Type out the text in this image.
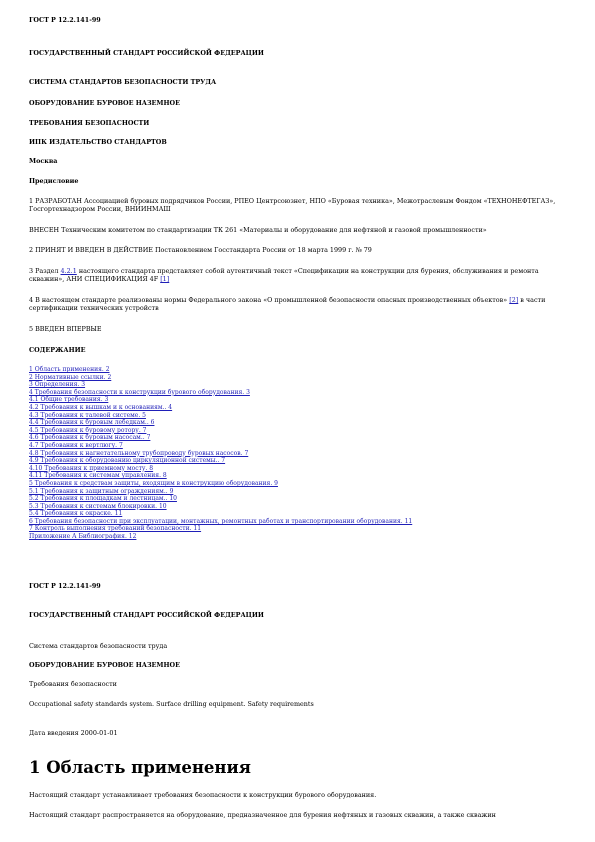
ГОСТ Р 12.2.141-99
ГОСУДАРСТВЕННЫЙ СТАНДАРТ РОССИЙСКОЙ ФЕДЕРАЦИИ
СИСТЕМА СТАНДАРТОВ БЕЗОПАСНОСТИ ТРУДА
ОБОРУДОВАНИЕ БУРОВОЕ НАЗЕМНОЕ
ТРЕБОВАНИЯ БЕЗОПАСНОСТИ
ИПК ИЗДАТЕЛЬСТВО СТАНДАРТОВ
Москва
Предисловие
1 РАЗРАБОТАН Ассоциацией буровых подрядчиков России, РПЕО Центрсоюзнет, НПО «Буровая техника», Межотраслевым Фондом «ТЕХНОНЕФТЕГАЗ», Госгортехнадзором России, ВНИИНМАШ
ВНЕСЕН Техническим комитетом по стандартизации ТК 261 «Материалы и оборудование для нефтяной и газовой промышленности»
2 ПРИНЯТ И ВВЕДЕН В ДЕЙСТВИЕ Постановлением Госстандарта России от 18 марта 1999 г. № 79
3 Раздел 4.2.1 настоящего стандарта представляет собой аутентичный текст «Спецификации на конструкции для бурения, обслуживания и ремонта скважин», АНИ СПЕЦИФИКАЦИЯ 4F [1]
4 В настоящем стандарте реализованы нормы Федерального закона «О промышленной безопасности опасных производственных объектов» [2] в части сертификации технических устройств
5 ВВЕДЕН ВПЕРВЫЕ
СОДЕРЖАНИЕ
1 Область применения. 2
2 Нормативные ссылки. 2
3 Определения. 3
4 Требования безопасности к конструкции бурового оборудования. 3
4.1 Общие требования. 3
4.2 Требования к вышкам и к основаниям.. 4
4.3 Требования к талевой системе. 5
4.4 Требования к буровым лебедкам.. 6
4.5 Требования к буровому ротору. 7
4.6 Требования к буровым насосам.. 7
4.7 Требования к вертлюгу. 7
4.8 Требования к нагнетательному трубопроводу буровых насосов. 7
4.9 Требования к оборудованию циркуляционной системы.. 7
4.10 Требования к приемному мосту. 8
4.11 Требования к системам управления. 8
5 Требования к средствам защиты, входящим в конструкцию оборудования. 9
5.1 Требования к защитным ограждениям.. 9
5.2 Требования к площадкам и лестницам.. 10
5.3 Требования к системам блокировки. 10
5.4 Требования к окраске. 11
6 Требования безопасности при эксплуатации, монтажных, ремонтных работах и транспортировании оборудования. 11
7 Контроль выполнения требований безопасности. 11
Приложение А Библиография. 12
ГОСТ Р 12.2.141-99
ГОСУДАРСТВЕННЫЙ СТАНДАРТ РОССИЙСКОЙ ФЕДЕРАЦИИ
Система стандартов безопасности труда
ОБОРУДОВАНИЕ БУРОВОЕ НАЗЕМНОЕ
Требования безопасности
Occupational safety standards system. Surface drilling equipment. Safety requirements
Дата введения 2000-01-01
1 Область применения
Настоящий стандарт устанавливает требования безопасности к конструкции бурового оборудования.
Настоящий стандарт распространяется на оборудование, предназначенное для бурения нефтяных и газовых скважин, а также скважин
